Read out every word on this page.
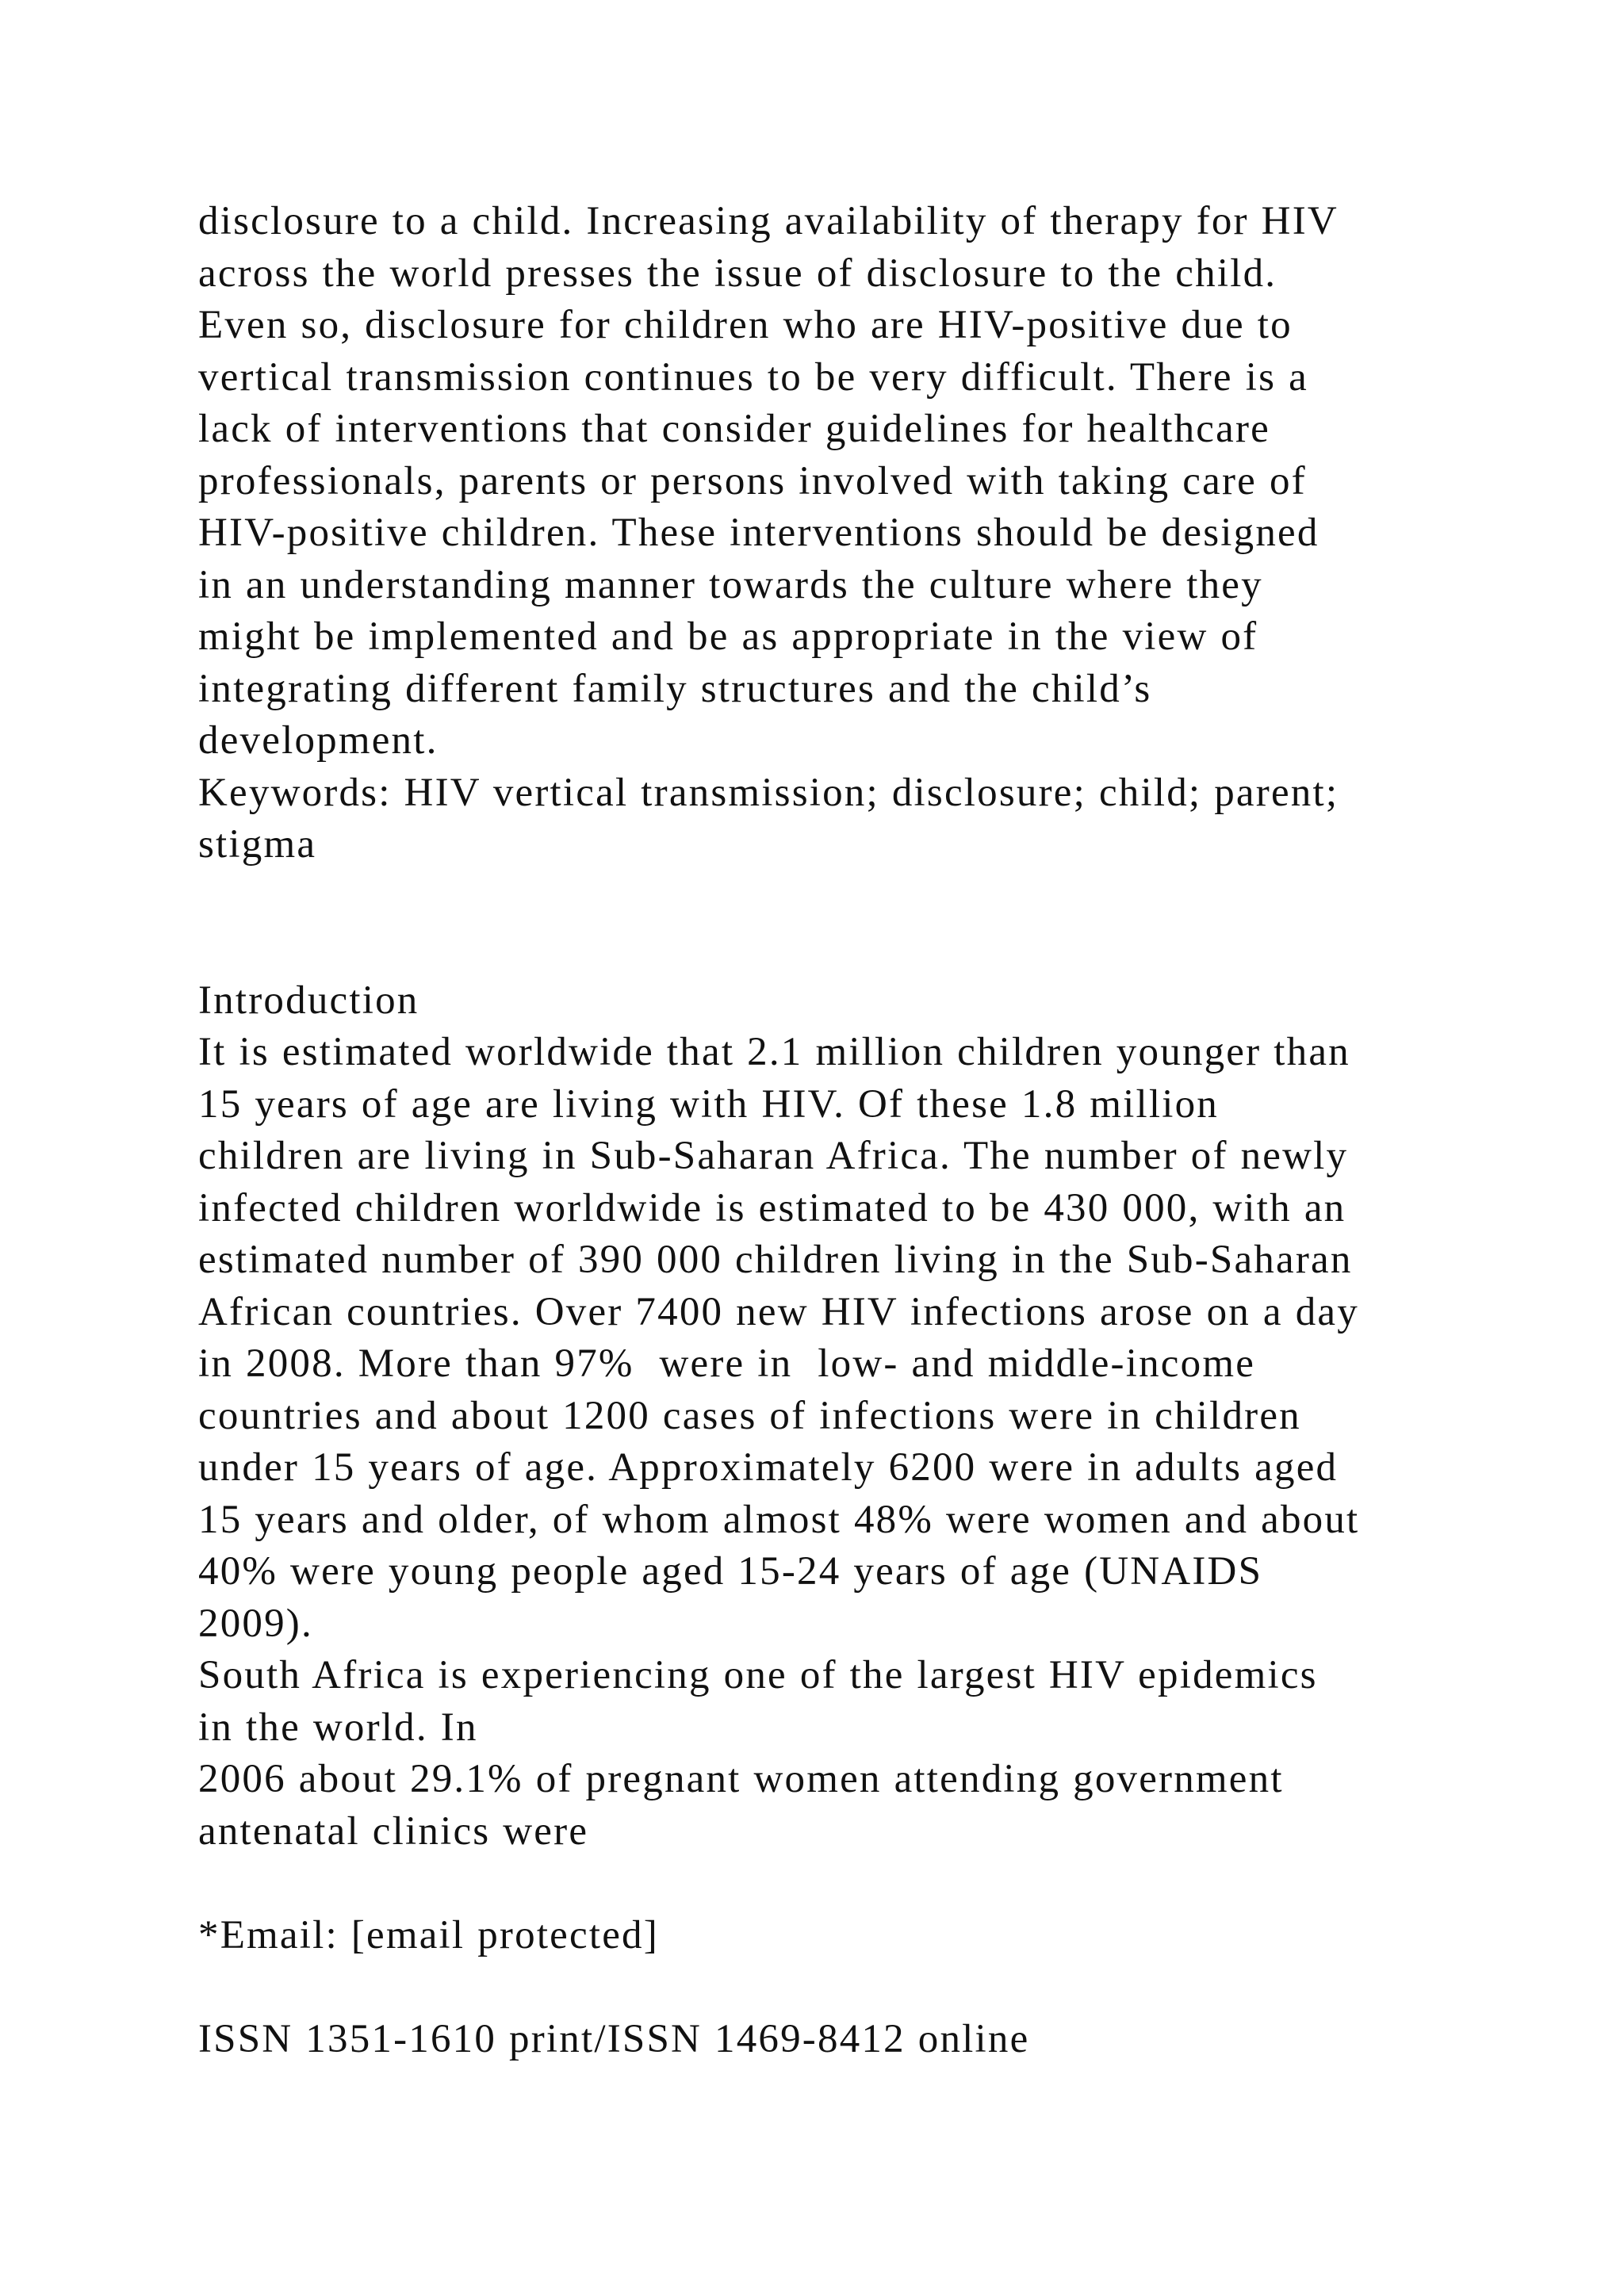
disclosure to a child. Increasing availability of therapy for HIV
across the world presses the issue of disclosure to the child.
Even so, disclosure for children who are HIV-positive due to
vertical transmission continues to be very difficult. There is a
lack of interventions that consider guidelines for healthcare
professionals, parents or persons involved with taking care of
HIV-positive children. These interventions should be designed
in an understanding manner towards the culture where they
might be implemented and be as appropriate in the view of
integrating different family structures and the child’s
development.
Keywords: HIV vertical transmission; disclosure; child; parent;
stigma
Introduction
It is estimated worldwide that 2.1 million children younger than
15 years of age are living with HIV. Of these 1.8 million
children are living in Sub-Saharan Africa. The number of newly
infected children worldwide is estimated to be 430 000, with an
estimated number of 390 000 children living in the Sub-Saharan
African countries. Over 7400 new HIV infections arose on a day
in 2008. More than 97%  were in  low- and middle-income
countries and about 1200 cases of infections were in children
under 15 years of age. Approximately 6200 were in adults aged
15 years and older, of whom almost 48% were women and about
40% were young people aged 15-24 years of age (UNAIDS
2009).
South Africa is experiencing one of the largest HIV epidemics
in the world. In
2006 about 29.1% of pregnant women attending government
antenatal clinics were
*Email: [email protected]
ISSN 1351-1610 print/ISSN 1469-8412 online
